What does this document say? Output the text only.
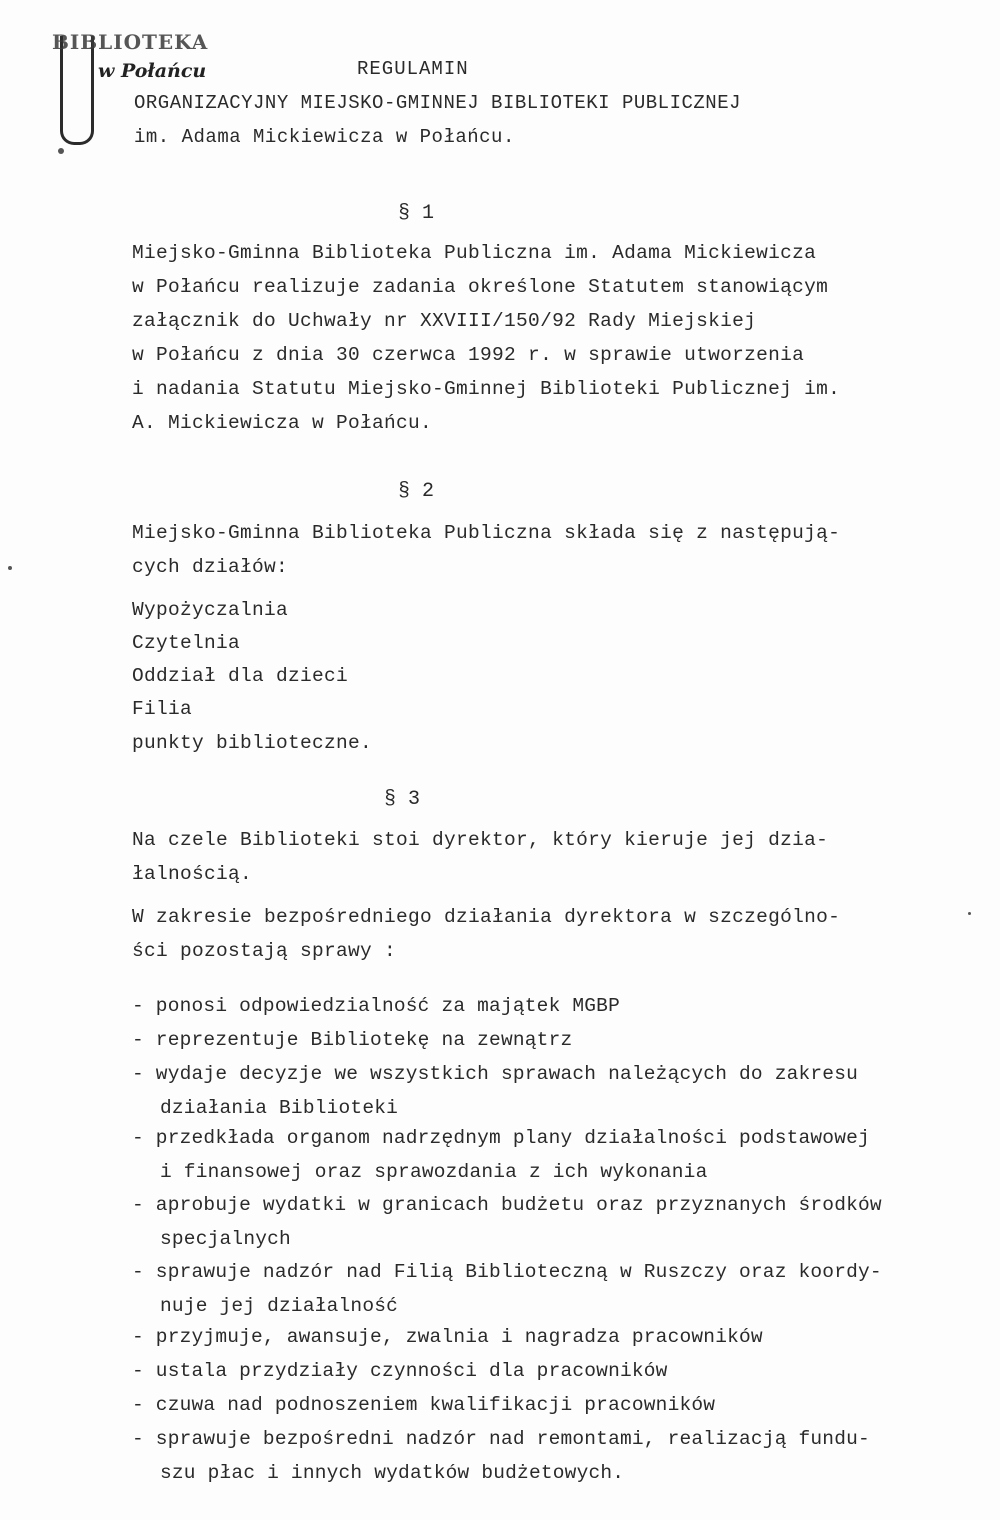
BIBLIOTEKA
w Połańcu	REGULAMIN
ORGANIZACYJNY MIEJSKO-GMINNEJ BIBLIOTEKI PUBLICZNEJ
im. Adama Mickiewicza w Połańcu.
§ 1
Miejsko-Gminna Biblioteka Publiczna im. Adama Mickiewicza
w Połańcu realizuje zadania określone Statutem stanowiącym
załącznik do Uchwały nr XXVIII/150/92 Rady Miejskiej
w Połańcu z dnia 30 czerwca 1992 r. w sprawie utworzenia
i nadania Statutu Miejsko-Gminnej Biblioteki Publicznej im.
A. Mickiewicza w Połańcu.
§ 2
Miejsko-Gminna Biblioteka Publiczna składa się z następują-
cych działów:
Wypożyczalnia
Czytelnia
Oddział dla dzieci
Filia
punkty biblioteczne.
§ 3
Na czele Biblioteki stoi dyrektor, który kieruje jej dzia-
łalnością.
W zakresie bezpośredniego działania dyrektora w szczególno-
ści pozostają sprawy :
- ponosi odpowiedzialność za majątek MGBP
- reprezentuje Bibliotekę na zewnątrz
- wydaje decyzje we wszystkich sprawach należących do zakresu
działania Biblioteki
- przedkłada organom nadrzędnym plany działalności podstawowej
i finansowej oraz sprawozdania z ich wykonania
- aprobuje wydatki w granicach budżetu oraz przyznanych środków
specjalnych
- sprawuje nadzór nad Filią Biblioteczną w Ruszczy oraz koordy-
nuje jej działalność
- przyjmuje, awansuje, zwalnia i nagradza pracowników
- ustala przydziały czynności dla pracowników
- czuwa nad podnoszeniem kwalifikacji pracowników
- sprawuje bezpośredni nadzór nad remontami, realizacją fundu-
szu płac i innych wydatków budżetowych.
